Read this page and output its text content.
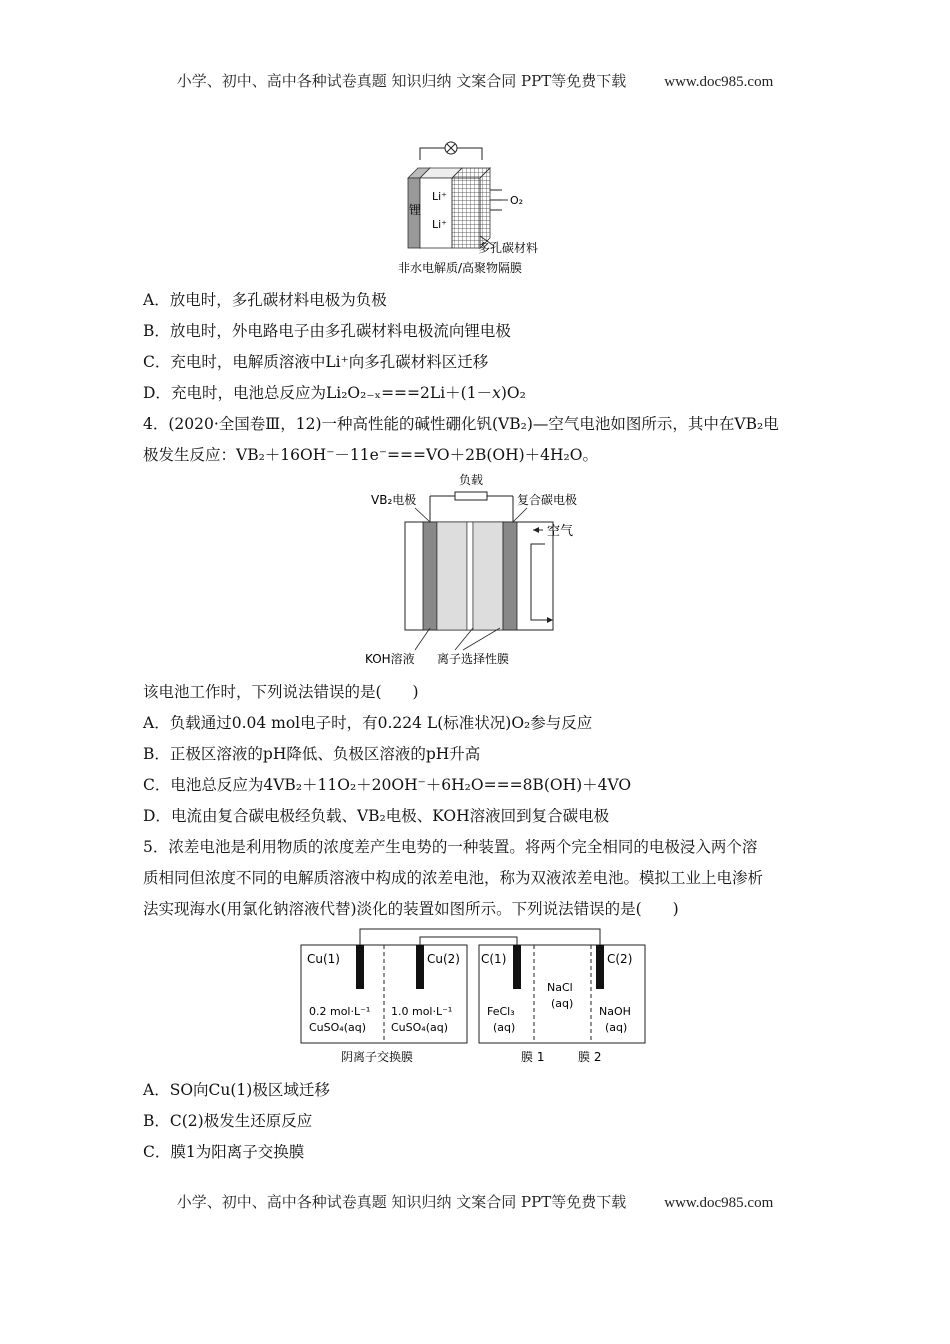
小学、初中、高中各种试卷真题 知识归纳 文案合同 PPT等免费下载	www.doc985.com
O₂
Li⁺
Li⁺
锂
多孔碳材料
非水电解质/高聚物隔膜
A．放电时，多孔碳材料电极为负极
B．放电时，外电路电子由多孔碳材料电极流向锂电极
C．充电时，电解质溶液中Li⁺向多孔碳材料区迁移
D．充电时，电池总反应为Li₂O₂₋ₓ===2Li＋(1－x)O₂
4．(2020·全国卷Ⅲ，12)一种高性能的碱性硼化钒(VB₂)—空气电池如图所示，其中在VB₂电
极发生反应：VB₂＋16OH⁻－11e⁻===VO＋2B(OH)＋4H₂O。
负载
VB₂电极	复合碳电极
空气
KOH溶液 离子选择性膜
该电池工作时，下列说法错误的是(　　)
A．负载通过0.04 mol电子时，有0.224 L(标准状况)O₂参与反应
B．正极区溶液的pH降低、负极区溶液的pH升高
C．电池总反应为4VB₂＋11O₂＋20OH⁻＋6H₂O===8B(OH)＋4VO
D．电流由复合碳电极经负载、VB₂电极、KOH溶液回到复合碳电极
5．浓差电池是利用物质的浓度差产生电势的一种装置。将两个完全相同的电极浸入两个溶
质相同但浓度不同的电解质溶液中构成的浓差电池，称为双液浓差电池。模拟工业上电渗析
法实现海水(用氯化钠溶液代替)淡化的装置如图所示。下列说法错误的是(　　)
Cu(1)	Cu(2) C(1)	C(2)
0.2 mol·L⁻¹
CuSO₄(aq)
1.0 mol·L⁻¹
CuSO₄(aq)
FeCl₃
(aq)
NaCl
(aq)
NaOH
(aq)
阴离子交换膜	膜 1	膜 2
A．SO向Cu(1)极区域迁移
B．C(2)极发生还原反应
C．膜1为阳离子交换膜
小学、初中、高中各种试卷真题 知识归纳 文案合同 PPT等免费下载	www.doc985.com
